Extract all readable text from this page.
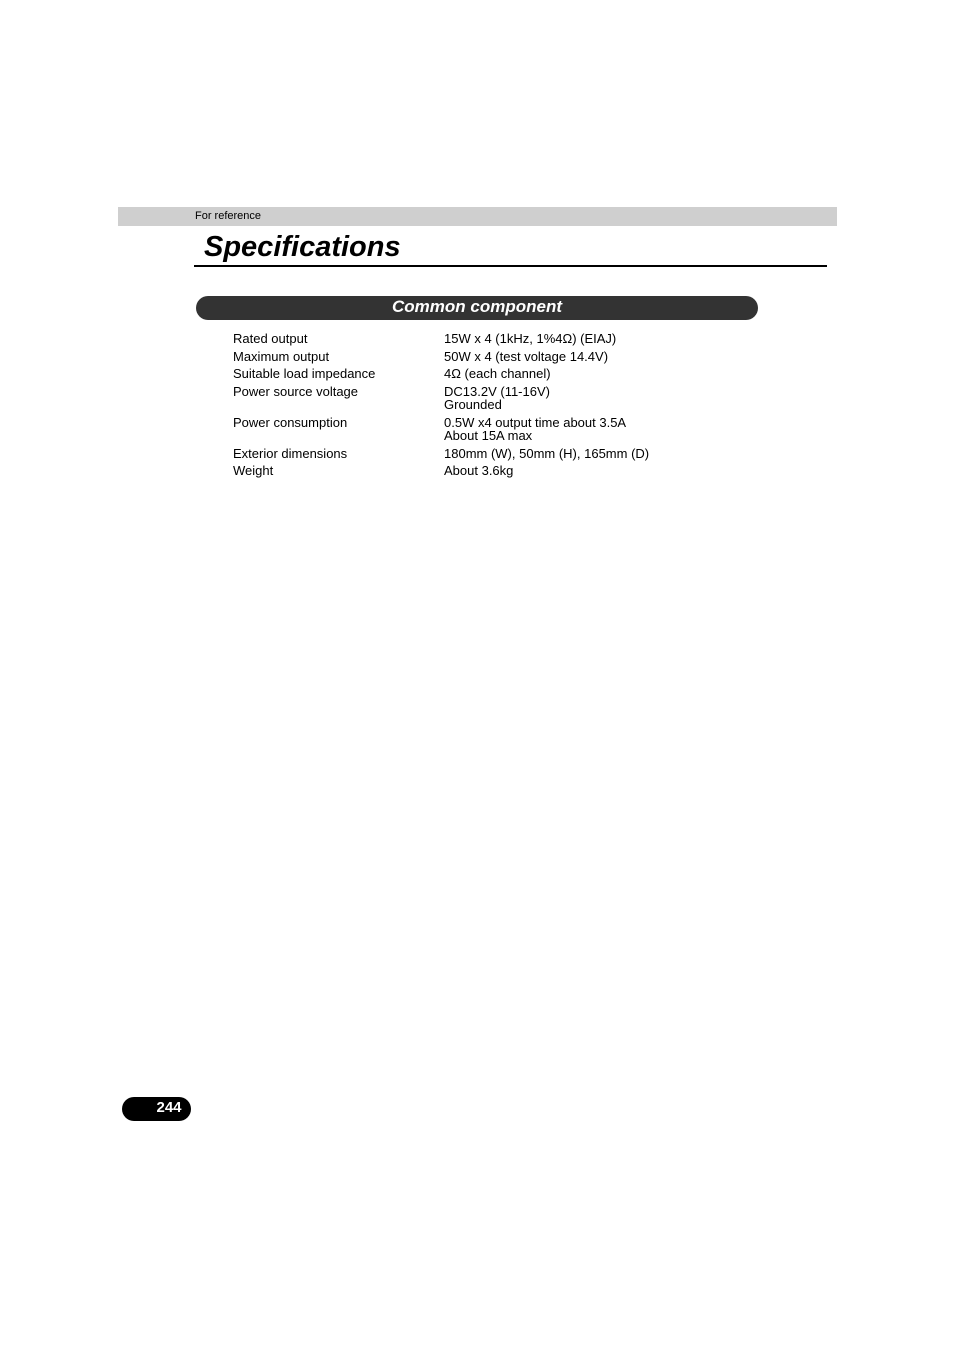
For reference
Specifications
Common component
Rated output	15W x 4 (1kHz, 1%4Ω) (EIAJ)
Maximum output	50W x 4 (test voltage 14.4V)
Suitable load impedance	4Ω (each channel)
Power source voltage	DC13.2V (11-16V)
Grounded
Power consumption	0.5W x4 output time about 3.5A
About 15A max
Exterior dimensions	180mm (W), 50mm (H), 165mm (D)
Weight	About 3.6kg
244
